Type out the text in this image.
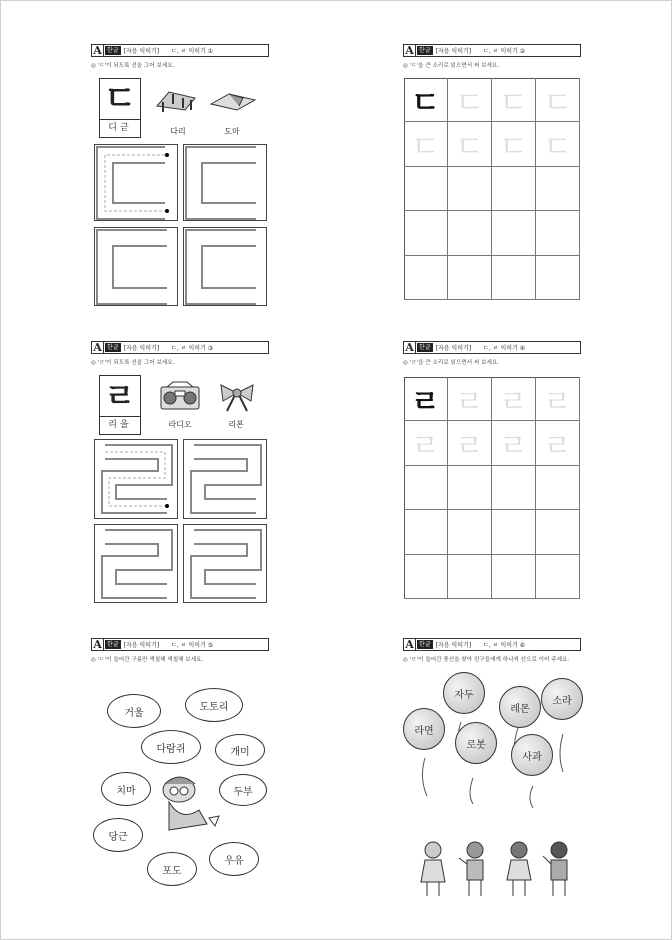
A 한글 [자음 익히기] ㄷ, ㄹ 익히기 ①
◎ 'ㄷ'이 되도록 선을 그어 보세요.
ㄷ
디귿	다리	도마
A 한글 [자음 익히기] ㄷ, ㄹ 익히기 ②
◎ 'ㄷ'을 큰 소리로 읽으면서 써 보세요.
ㄷ ㄷ ㄷ ㄷ
ㄷ ㄷ ㄷ ㄷ
A 한글 [자음 익히기] ㄷ, ㄹ 익히기 ③
◎ 'ㄹ'이 되도록 선을 그어 보세요.
ㄹ
리을	라디오	리본
A 한글 [자음 익히기] ㄷ, ㄹ 익히기 ④
◎ 'ㄹ'을 큰 소리로 읽으면서 써 보세요.
ㄹ ㄹ ㄹ ㄹ
ㄹ ㄹ ㄹ ㄹ
A 한글 [자음 익히기] ㄷ, ㄹ 익히기 ⑤
◎ 'ㄷ'이 들어간 구름만 색칠해 색칠해 보세요.
거울
도토리
다람쥐	개미
치마	두부
당근
포도
우유
A 한글 [자음 익히기] ㄷ, ㄹ 익히기 ⑥
◎ 'ㄹ'이 들어간 풍선을 찾아 친구들에게 하나씩 선으로 이어 주세요.
자두
레몬
소라
라면
로봇
사과
